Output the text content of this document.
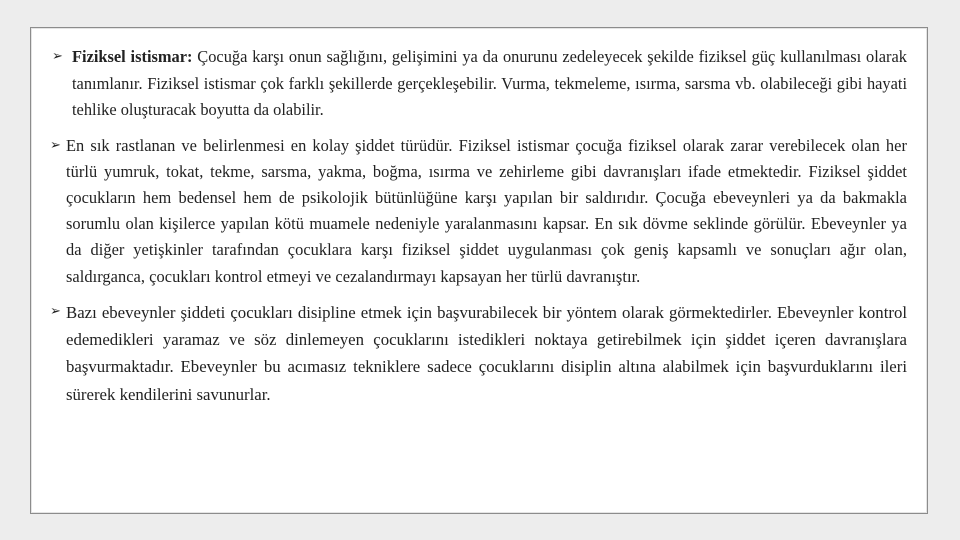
➢ Fiziksel istismar: Çocuğa karşı onun sağlığını, gelişimini ya da onurunu zedeleyecek şekilde fiziksel güç kullanılması olarak tanımlanır. Fiziksel istismar çok farklı şekillerde gerçekleşebilir. Vurma, tekmeleme, ısırma, sarsma vb. olabileceği gibi hayati tehlike oluşturacak boyutta da olabilir.

➢ En sık rastlanan ve belirlenmesi en kolay şiddet türüdür. Fiziksel istismar çocuğa fiziksel olarak zarar verebilecek olan her türlü yumruk, tokat, tekme, sarsma, yakma, boğma, ısırma ve zehirleme gibi davranışları ifade etmektedir. Fiziksel şiddet çocukların hem bedensel hem de psikolojik bütünlüğüne karşı yapılan bir saldırıdır. Çocuğa ebeveynleri ya da bakmakla sorumlu olan kişilerce yapılan kötü muamele nedeniyle yaralanmasını kapsar. En sık dövme seklinde görülür. Ebeveynler ya da diğer yetişkinler tarafından çocuklara karşı fiziksel şiddet uygulanması çok geniş kapsamlı ve sonuçları ağır olan, saldırganca, çocukları kontrol etmeyi ve cezalandırmayı kapsayan her türlü davranıştır.

➢ Bazı ebeveynler şiddeti çocukları disipline etmek için başvurabilecek bir yöntem olarak görmektedirler. Ebeveynler kontrol edemedikleri yaramaz ve söz dinlemeyen çocuklarını istedikleri noktaya getirebilmek için şiddet içeren davranışlara başvurmaktadır. Ebeveynler bu acımasız tekniklere sadece çocuklarını disiplin altına alabilmek için başvurduklarını ileri sürerek kendilerini savunurlar.
